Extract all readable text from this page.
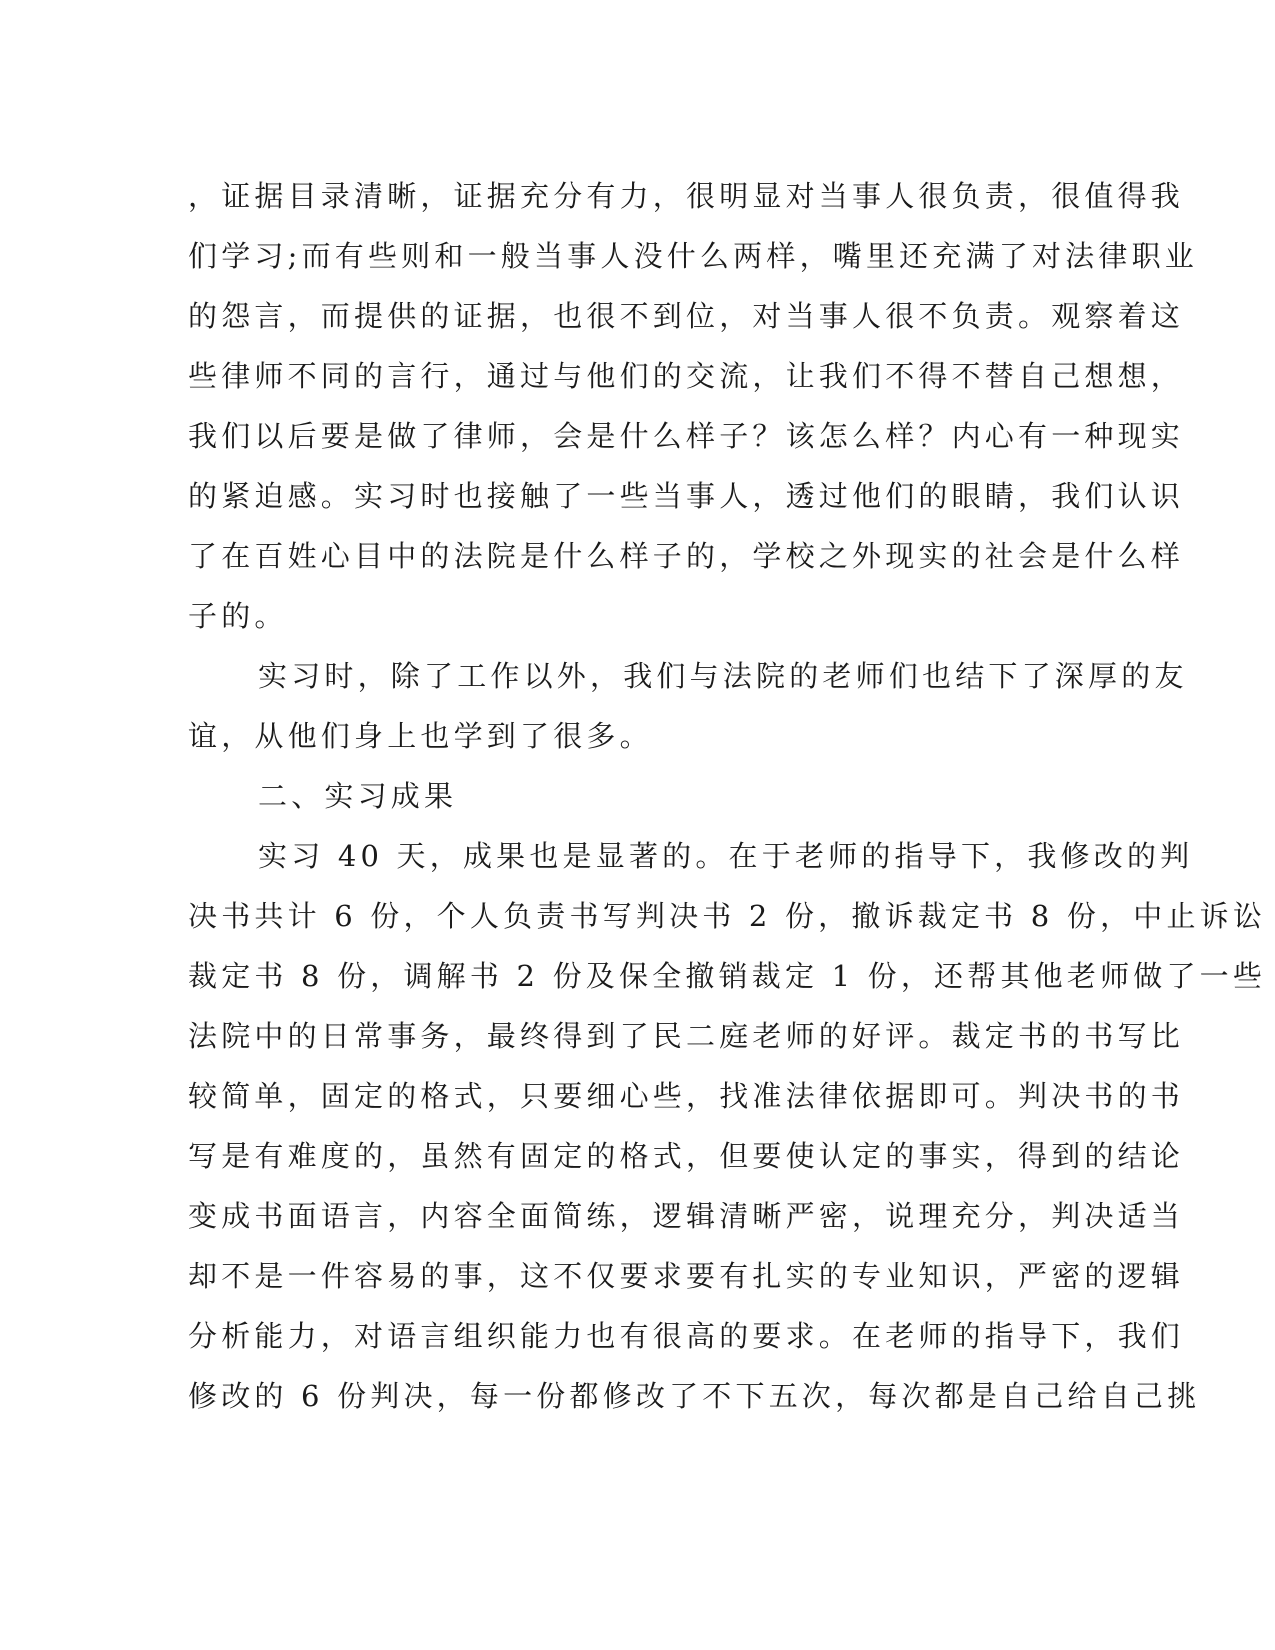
，证据目录清晰，证据充分有力，很明显对当事人很负责，很值得我
们学习;而有些则和一般当事人没什么两样，嘴里还充满了对法律职业
的怨言，而提供的证据，也很不到位，对当事人很不负责。观察着这
些律师不同的言行，通过与他们的交流，让我们不得不替自己想想，
我们以后要是做了律师，会是什么样子？该怎么样？内心有一种现实
的紧迫感。实习时也接触了一些当事人，透过他们的眼睛，我们认识
了在百姓心目中的法院是什么样子的，学校之外现实的社会是什么样
子的。
实习时，除了工作以外，我们与法院的老师们也结下了深厚的友
谊，从他们身上也学到了很多。
二、实习成果
实习 40 天，成果也是显著的。在于老师的指导下，我修改的判
决书共计 6 份，个人负责书写判决书 2 份，撤诉裁定书 8 份，中止诉讼
裁定书 8 份，调解书 2 份及保全撤销裁定 1 份，还帮其他老师做了一些
法院中的日常事务，最终得到了民二庭老师的好评。裁定书的书写比
较简单，固定的格式，只要细心些，找准法律依据即可。判决书的书
写是有难度的，虽然有固定的格式，但要使认定的事实，得到的结论
变成书面语言，内容全面简练，逻辑清晰严密，说理充分，判决适当
却不是一件容易的事，这不仅要求要有扎实的专业知识，严密的逻辑
分析能力，对语言组织能力也有很高的要求。在老师的指导下，我们
修改的 6 份判决，每一份都修改了不下五次，每次都是自己给自己挑
